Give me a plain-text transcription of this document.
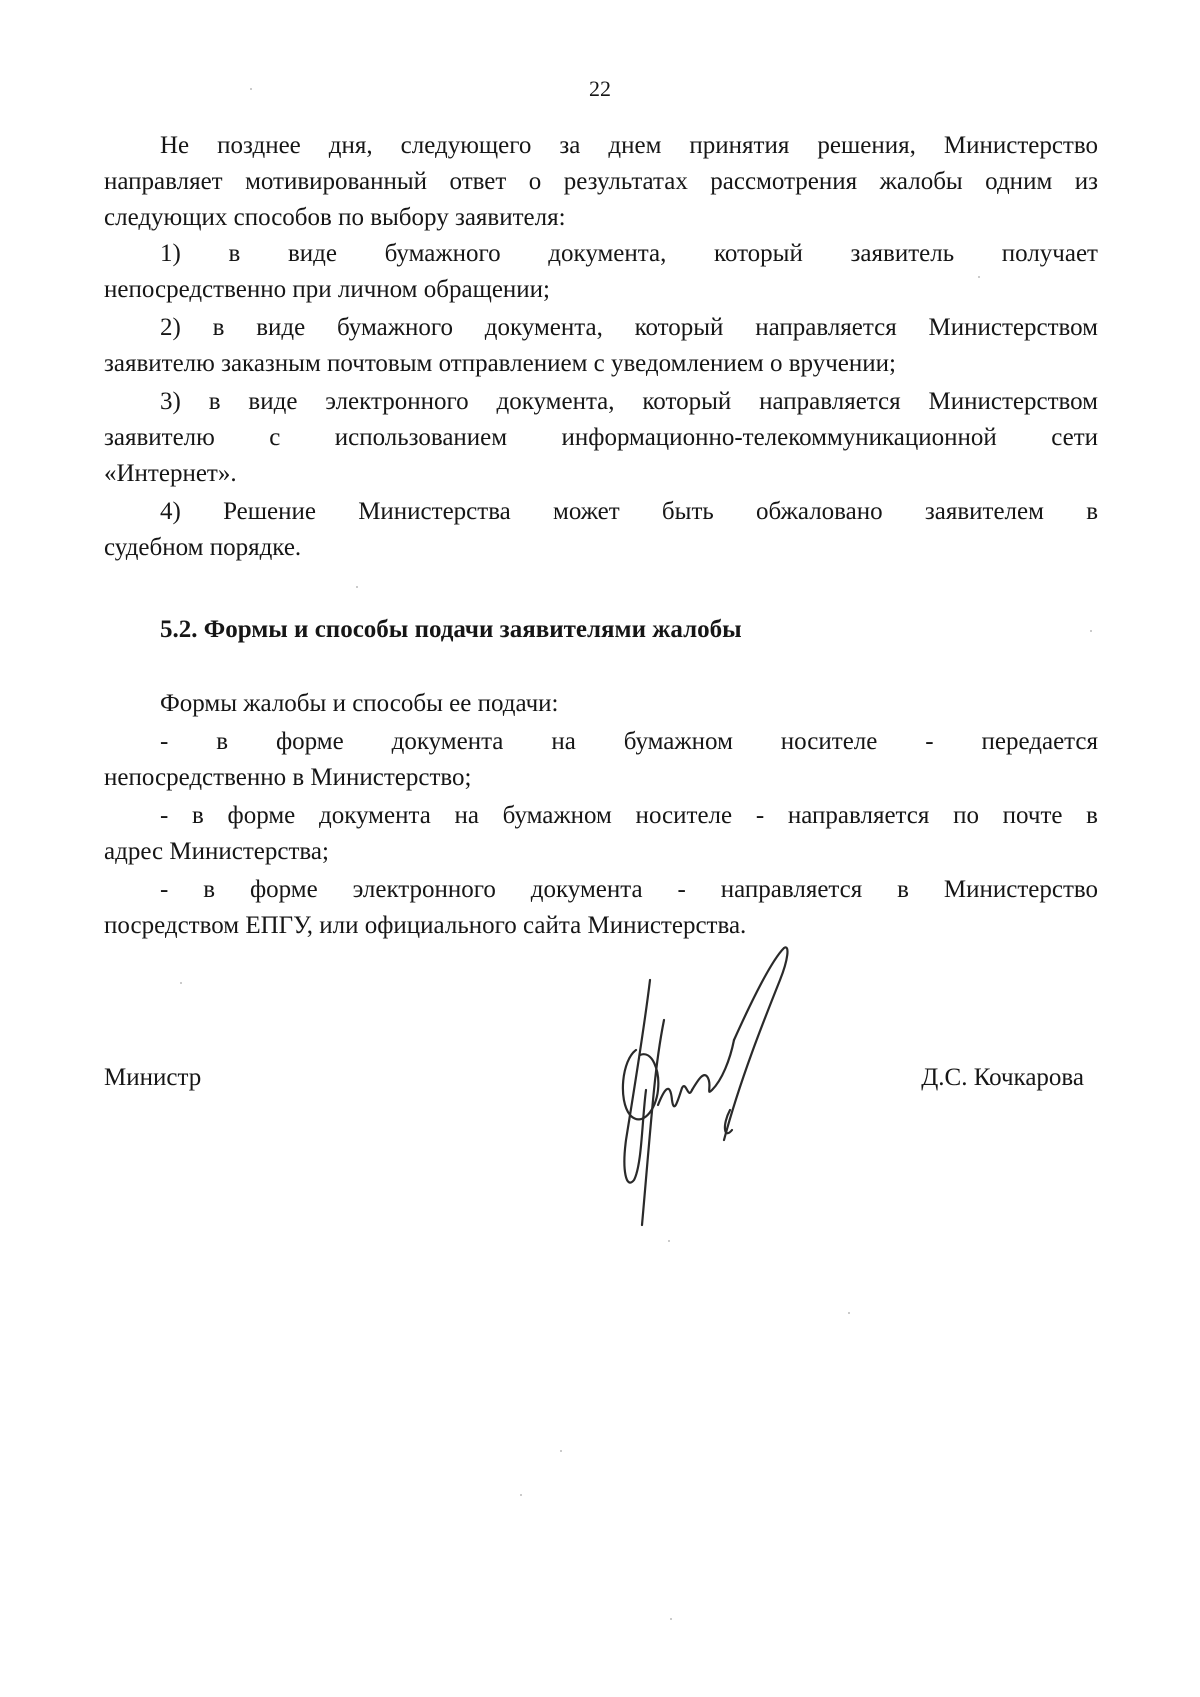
22
Не позднее дня, следующего за днем принятия решения, Министерство
направляет мотивированный ответ о результатах рассмотрения жалобы одним из
следующих способов по выбору заявителя:
1) в виде бумажного документа, который заявитель получает
непосредственно при личном обращении;
2) в виде бумажного документа, который направляется Министерством
заявителю заказным почтовым отправлением с уведомлением о вручении;
3) в виде электронного документа, который направляется Министерством
заявителю с использованием информационно-телекоммуникационной сети
«Интернет».
4) Решение Министерства может быть обжаловано заявителем в
судебном порядке.
5.2. Формы и способы подачи заявителями жалобы
Формы жалобы и способы ее подачи:
- в форме документа на бумажном носителе - передается
непосредственно в Министерство;
- в форме документа на бумажном носителе - направляется по почте в
адрес Министерства;
- в форме электронного документа - направляется в Министерство
посредством ЕПГУ, или официального сайта Министерства.
Министр	Д.С. Кочкарова
